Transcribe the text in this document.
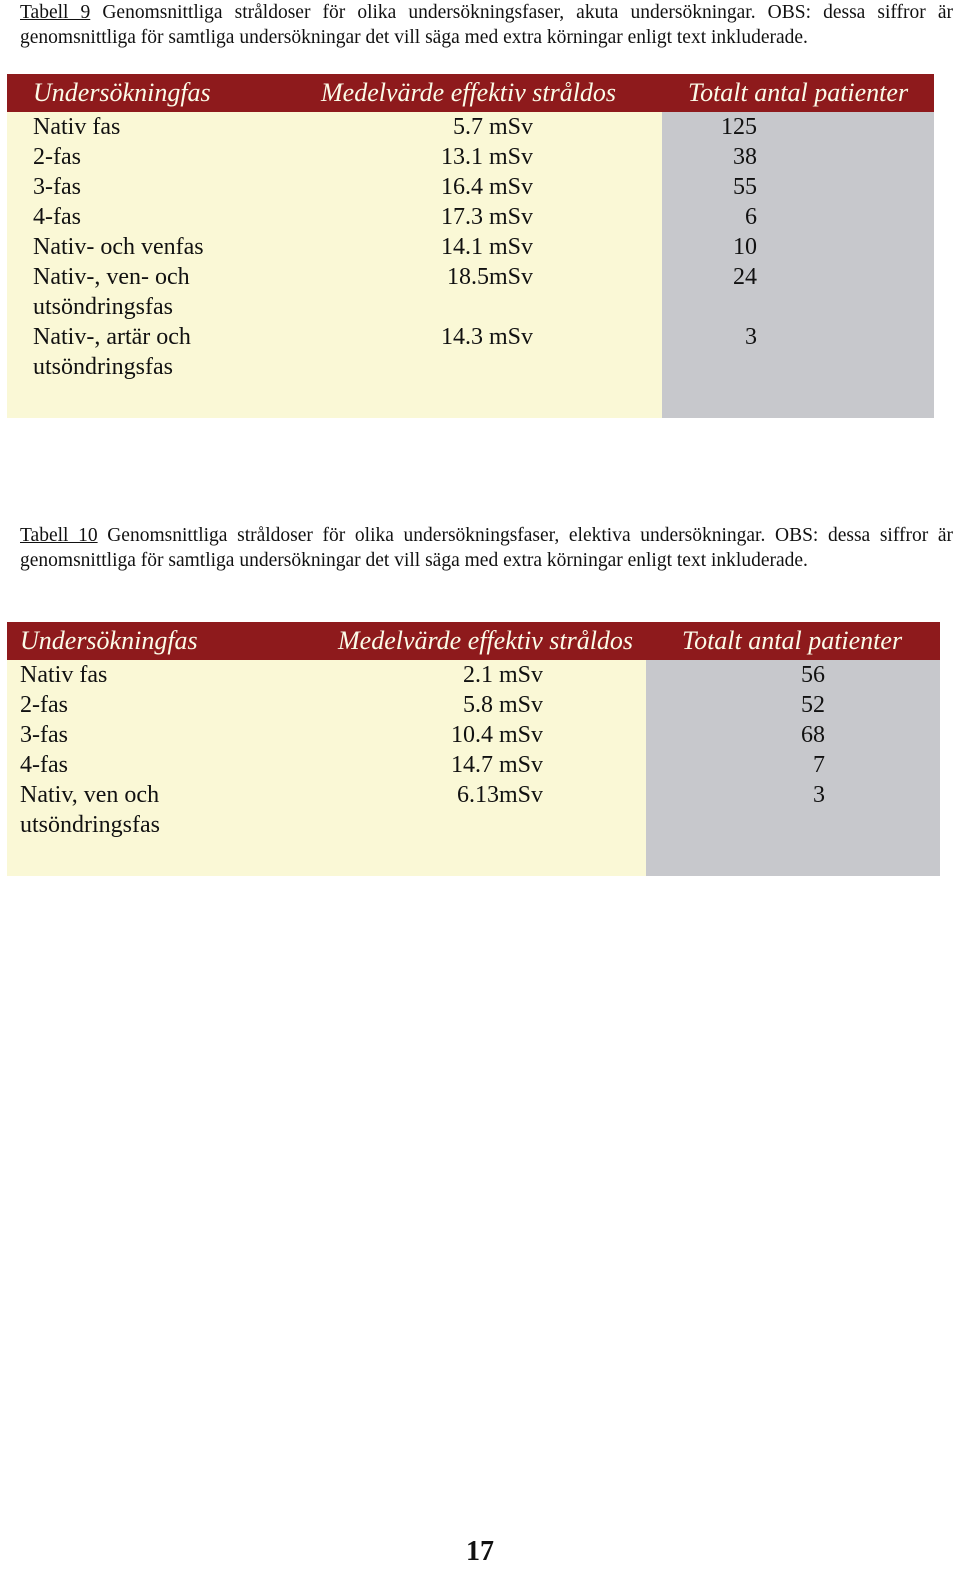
Tabell 9 Genomsnittliga stråldoser för olika undersökningsfaser, akuta undersökningar. OBS: dessa siffror är genomsnittliga för samtliga undersökningar det vill säga med extra körningar enligt text inkluderade.
Undersökningfas	Medelvärde effektiv stråldos	Totalt antal patienter
Nativ fas	5.7 mSv	125
2-fas	13.1 mSv	38
3-fas	16.4 mSv	55
4-fas	17.3 mSv	6
Nativ- och venfas	14.1 mSv	10
Nativ-, ven- och
utsöndringsfas
18.5mSv	24
Nativ-, artär och
utsöndringsfas
14.3 mSv	3
Tabell 10 Genomsnittliga stråldoser för olika undersökningsfaser, elektiva undersökningar. OBS: dessa siffror är genomsnittliga för samtliga undersökningar det vill säga med extra körningar enligt text inkluderade.
Undersökningfas	Medelvärde effektiv stråldos	Totalt antal patienter
Nativ fas	2.1 mSv	56
2-fas	5.8 mSv	52
3-fas	10.4 mSv	68
4-fas	14.7 mSv	7
Nativ, ven och
utsöndringsfas
6.13mSv	3
17
